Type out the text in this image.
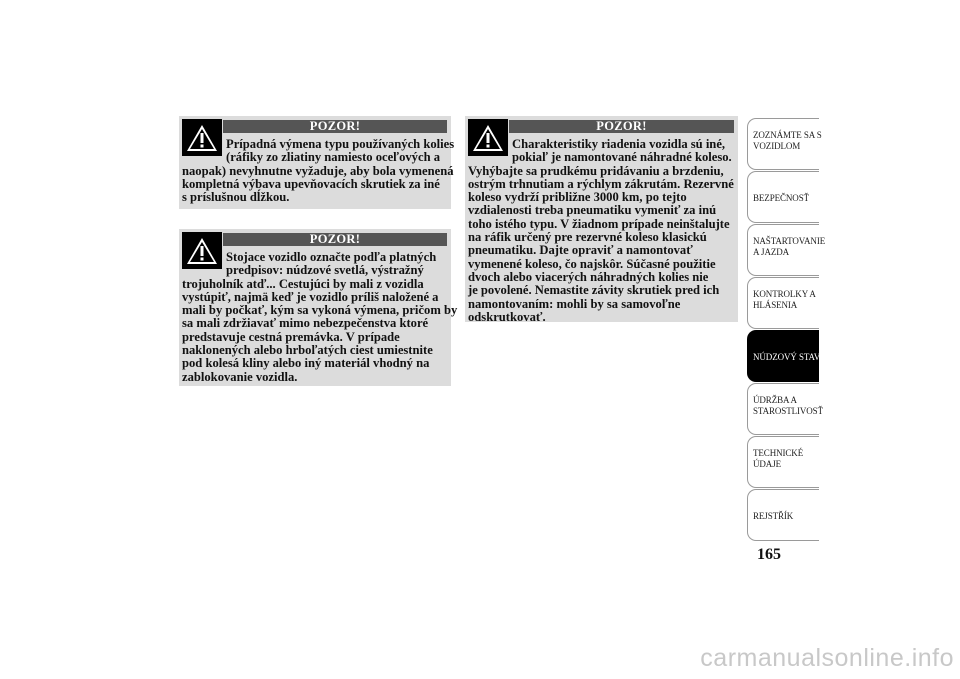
POZOR!
Prípadná výmena typu používaných kolies
(ráfiky zo zliatiny namiesto oceľových a
naopak) nevyhnutne vyžaduje, aby bola vymenená
kompletná výbava upevňovacích skrutiek za iné
s príslušnou dĺžkou.
POZOR!
Stojace vozidlo označte podľa platných
predpisov: núdzové svetlá, výstražný
trojuholník atď... Cestujúci by mali z vozidla
vystúpiť, najmä keď je vozidlo príliš naložené a
mali by počkať, kým sa vykoná výmena, pričom by
sa mali zdržiavať mimo nebezpečenstva ktoré
predstavuje cestná premávka. V prípade
naklonených alebo hrboľatých ciest umiestnite
pod kolesá kliny alebo iný materiál vhodný na
zablokovanie vozidla.
POZOR!
Charakteristiky riadenia vozidla sú iné,
pokiaľ je namontované náhradné koleso.
Vyhýbajte sa prudkému pridávaniu a brzdeniu,
ostrým trhnutiam a rýchlym zákrutám. Rezervné
koleso vydrží približne 3000 km, po tejto
vzdialenosti treba pneumatiku vymeniť za inú
toho istého typu. V žiadnom prípade neinštalujte
na ráfik určený pre rezervné koleso klasickú
pneumatiku. Dajte opraviť a namontovať
vymenené koleso, čo najskôr. Súčasné použitie
dvoch alebo viacerých náhradných kolies nie
je povolené. Nemastite závity skrutiek pred ich
namontovaním: mohli by sa samovoľne
odskrutkovať.
ZOZNÁMTE SA S
VOZIDLOM
BEZPEČNOSŤ
NAŠTARTOVANIE
A JAZDA
KONTROLKY A
HLÁSENIA
NÚDZOVÝ STAV
ÚDRŽBA A
STAROSTLIVOSŤ
TECHNICKÉ
ÚDAJE
REJSTŘÍK
165
carmanualsonline.info
